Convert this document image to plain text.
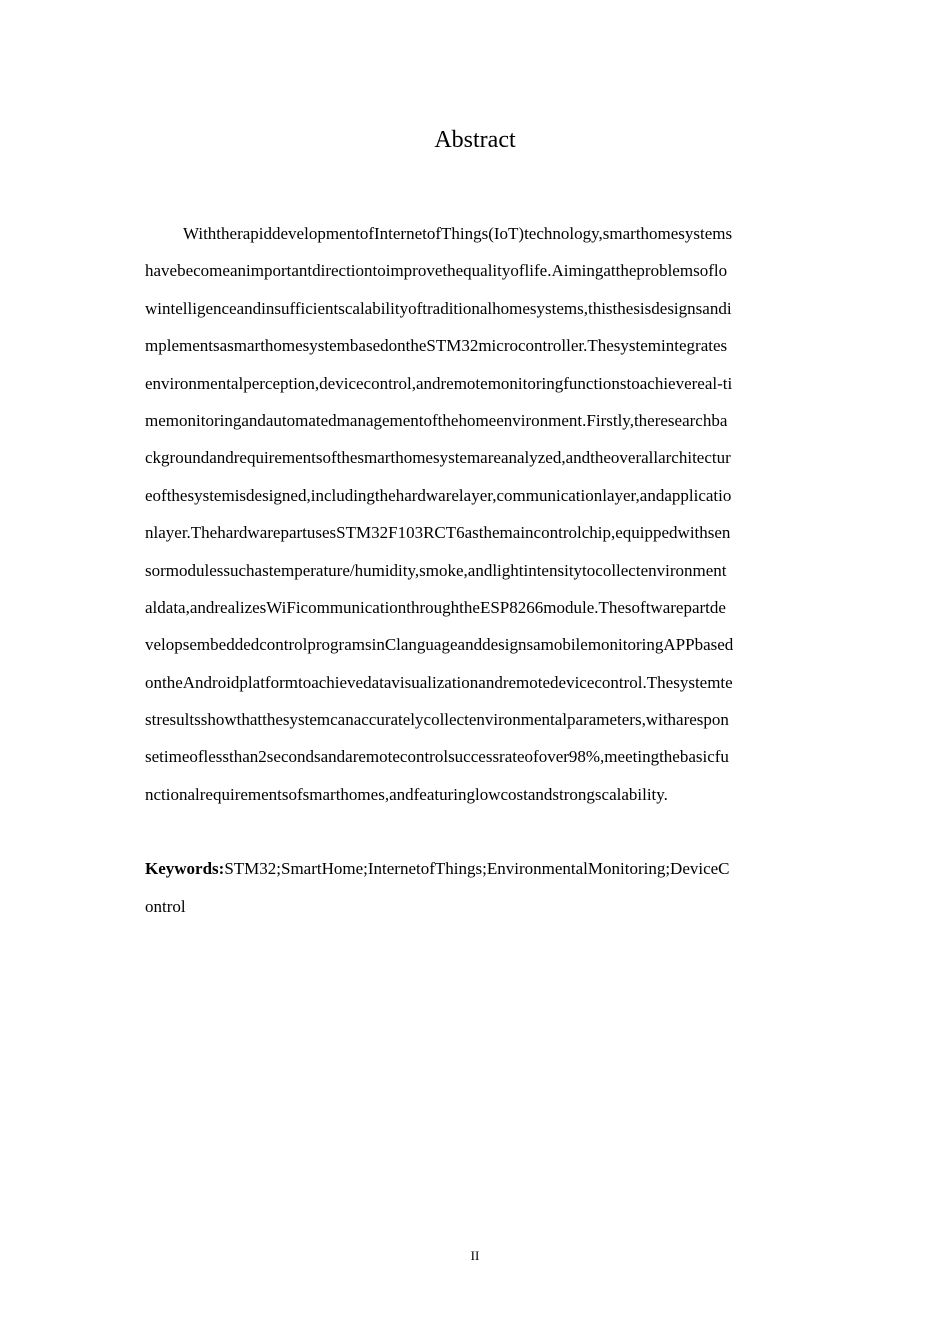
Abstract
WiththerapiddevelopmentofInternetofThings(IoT)technology,smarthomesystems
havebecomeanimportantdirectiontoimprovethequalityoflife.Aimingattheproblemsoflo
wintelligenceandinsufficientscalabilityoftraditionalhomesystems,thisthesisdesignsandi
mplementsasmarthomesystembasedontheSTM32microcontroller.Thesystemintegrates
environmentalperception,devicecontrol,andremotemonitoringfunctionstoachievereal-ti
memonitoringandautomatedmanagementofthehomeenvironment.Firstly,theresearchba
ckgroundandrequirementsofthesmarthomesystemareanalyzed,andtheoverallarchitectur
eofthesystemisdesigned,includingthehardwarelayer,communicationlayer,andapplicatio
nlayer.ThehardwarepartusesSTM32F103RCT6asthemaincontrolchip,equippedwithsen
sormodulessuchastemperature/humidity,smoke,andlightintensitytocollectenvironment
aldata,andrealizesWiFicommunicationthroughtheESP8266module.Thesoftwarepartde
velopsembeddedcontrolprogramsinClanguageanddesignsamobilemonitoringAPPbased
ontheAndroidplatformtoachievedatavisualizationandremotedevicecontrol.Thesystemte
stresultsshowthatthesystemcanaccuratelycollectenvironmentalparameters,witharespon
setimeoflessthan2secondsandaremotecontrolsuccessrateofover98%,meetingthebasicfu
nctionalrequirementsofsmarthomes,andfeaturinglowcostandstrongscalability.
Keywords:STM32;SmartHome;InternetofThings;EnvironmentalMonitoring;DeviceC
ontrol
II
